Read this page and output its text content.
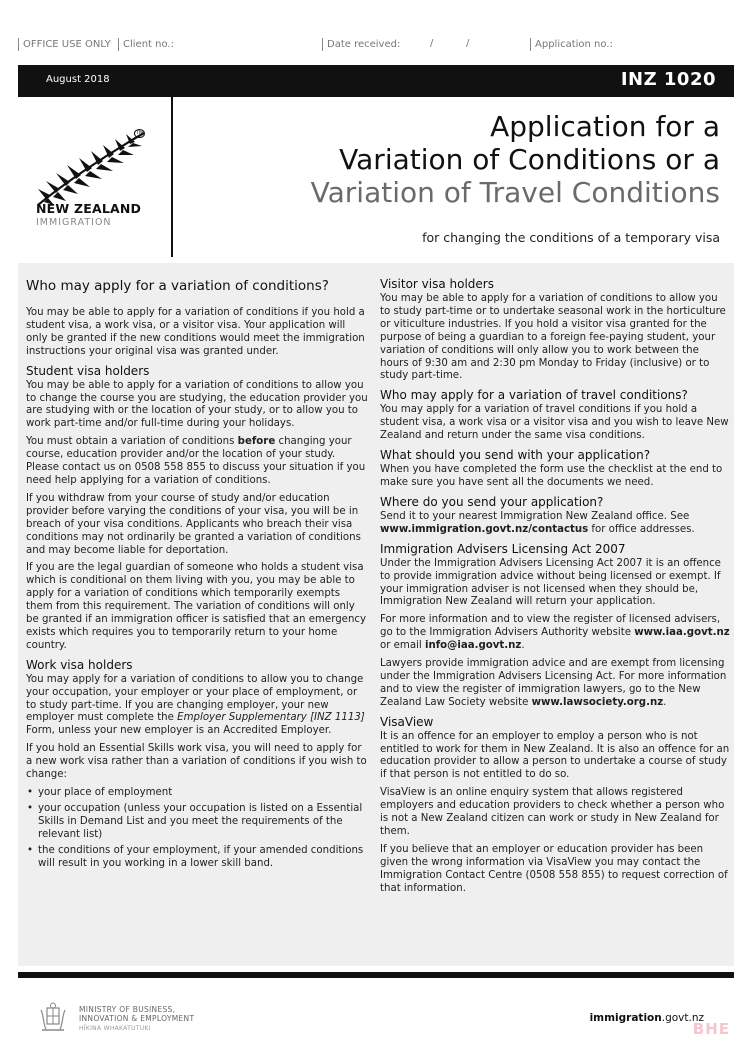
OFFICE USE ONLY	Client no.:	Date received:	/	/	Application no.:
August 2018	INZ 1020
TM
NEW ZEALAND
IMMIGRATION
Application for a
Variation of Conditions or a
Variation of Travel Conditions
for changing the conditions of a temporary visa
Who may apply for a variation of conditions?

You may be able to apply for a variation of conditions if you hold a student visa, a work visa, or a visitor visa. Your application will only be granted if the new conditions would meet the immigration instructions your original visa was granted under.

Student visa holders

You may be able to apply for a variation of conditions to allow you to change the course you are studying, the education provider you are studying with or the location of your study, or to allow you to work part-time and/or full-time during your holidays.

You must obtain a variation of conditions before changing your course, education provider and/or the location of your study. Please contact us on 0508 558 855 to discuss your situation if you need help applying for a variation of conditions.

If you withdraw from your course of study and/or education provider before varying the conditions of your visa, you will be in breach of your visa conditions. Applicants who breach their visa conditions may not ordinarily be granted a variation of conditions and may become liable for deportation.

If you are the legal guardian of someone who holds a student visa which is conditional on them living with you, you may be able to apply for a variation of conditions which temporarily exempts them from this requirement. The variation of conditions will only be granted if an immigration officer is satisfied that an emergency exists which requires you to temporarily return to your home country.

Work visa holders

You may apply for a variation of conditions to allow you to change your occupation, your employer or your place of employment, or to study part-time. If you are changing employer, your new employer must complete the Employer Supplementary [INZ 1113] Form, unless your new employer is an Accredited Employer.

If you hold an Essential Skills work visa, you will need to apply for a new work visa rather than a variation of conditions if you wish to change:

• your place of employment
• your occupation (unless your occupation is listed on a Essential Skills in Demand List and you meet the requirements of the relevant list)
• the conditions of your employment, if your amended conditions will result in you working in a lower skill band.
Visitor visa holders

You may be able to apply for a variation of conditions to allow you to study part-time or to undertake seasonal work in the horticulture or viticulture industries. If you hold a visitor visa granted for the purpose of being a guardian to a foreign fee-paying student, your variation of conditions will only allow you to work between the hours of 9:30 am and 2:30 pm Monday to Friday (inclusive) or to study part-time.

Who may apply for a variation of travel conditions?

You may apply for a variation of travel conditions if you hold a student visa, a work visa or a visitor visa and you wish to leave New Zealand and return under the same visa conditions.

What should you send with your application?

When you have completed the form use the checklist at the end to make sure you have sent all the documents we need.

Where do you send your application?

Send it to your nearest Immigration New Zealand office. See www.immigration.govt.nz/contactus for office addresses.

Immigration Advisers Licensing Act 2007

Under the Immigration Advisers Licensing Act 2007 it is an offence to provide immigration advice without being licensed or exempt. If your immigration adviser is not licensed when they should be, Immigration New Zealand will return your application.

For more information and to view the register of licensed advisers, go to the Immigration Advisers Authority website www.iaa.govt.nz or email info@iaa.govt.nz.

Lawyers provide immigration advice and are exempt from licensing under the Immigration Advisers Licensing Act. For more information and to view the register of immigration lawyers, go to the New Zealand Law Society website www.lawsociety.org.nz.

VisaView

It is an offence for an employer to employ a person who is not entitled to work for them in New Zealand. It is also an offence for an education provider to allow a person to undertake a course of study if that person is not entitled to do so.

VisaView is an online enquiry system that allows registered employers and education providers to check whether a person who is not a New Zealand citizen can work or study in New Zealand for them.

If you believe that an employer or education provider has been given the wrong information via VisaView you may contact the Immigration Contact Centre (0508 558 855) to request correction of that information.

MINISTRY OF BUSINESS,
INNOVATION & EMPLOYMENT
HĪKINA WHAKATUTUKI
immigration.govt.nz
BHE
